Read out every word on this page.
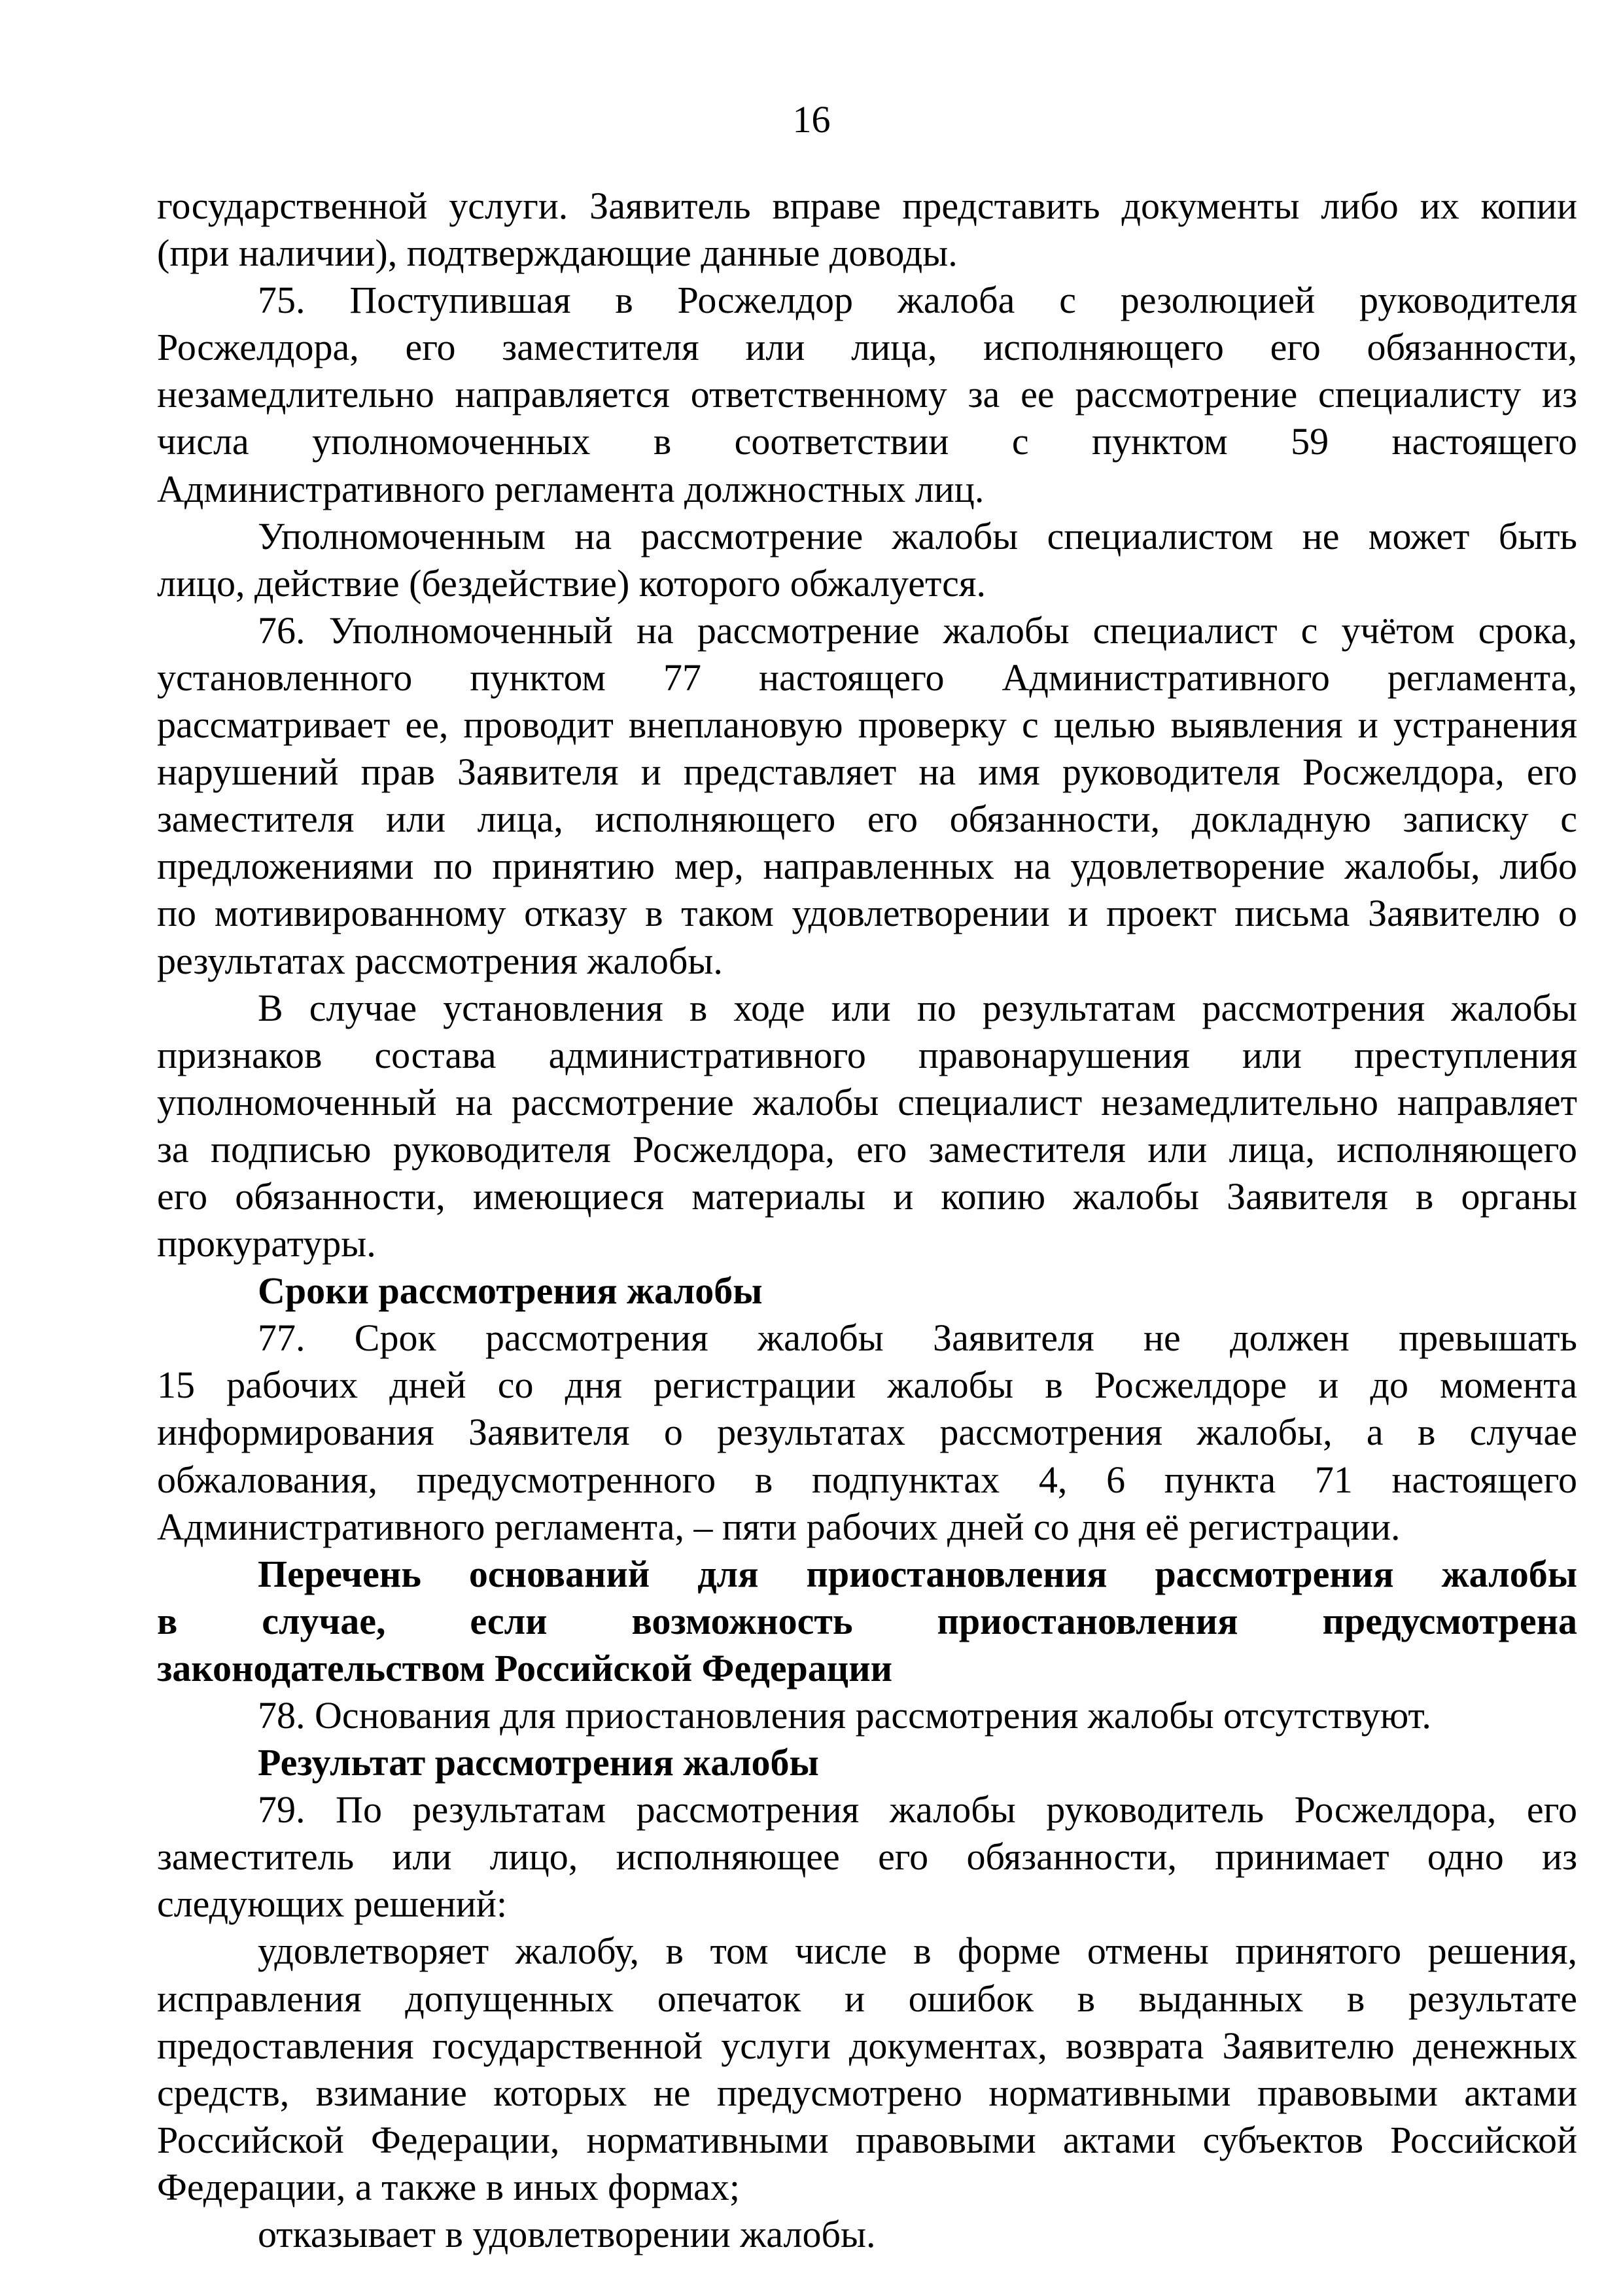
16
государственной услуги. Заявитель вправе представить документы либо их копии
(при наличии), подтверждающие данные доводы.
75. Поступившая в Росжелдор жалоба с резолюцией руководителя
Росжелдора, его заместителя или лица, исполняющего его обязанности,
незамедлительно направляется ответственному за ее рассмотрение специалисту из
числа уполномоченных в соответствии с пунктом 59 настоящего
Административного регламента должностных лиц.
Уполномоченным на рассмотрение жалобы специалистом не может быть
лицо, действие (бездействие) которого обжалуется.
76. Уполномоченный на рассмотрение жалобы специалист с учётом срока,
установленного пунктом 77 настоящего Административного регламента,
рассматривает ее, проводит внеплановую проверку с целью выявления и устранения
нарушений прав Заявителя и представляет на имя руководителя Росжелдора, его
заместителя или лица, исполняющего его обязанности, докладную записку с
предложениями по принятию мер, направленных на удовлетворение жалобы, либо
по мотивированному отказу в таком удовлетворении и проект письма Заявителю о
результатах рассмотрения жалобы.
В случае установления в ходе или по результатам рассмотрения жалобы
признаков состава административного правонарушения или преступления
уполномоченный на рассмотрение жалобы специалист незамедлительно направляет
за подписью руководителя Росжелдора, его заместителя или лица, исполняющего
его обязанности, имеющиеся материалы и копию жалобы Заявителя в органы
прокуратуры.
Сроки рассмотрения жалобы
77. Срок рассмотрения жалобы Заявителя не должен превышать
15 рабочих дней со дня регистрации жалобы в Росжелдоре и до момента
информирования Заявителя о результатах рассмотрения жалобы, а в случае
обжалования, предусмотренного в подпунктах 4, 6 пункта 71 настоящего
Административного регламента, – пяти рабочих дней со дня её регистрации.
Перечень оснований для приостановления рассмотрения жалобы
в случае, если возможность приостановления предусмотрена
законодательством Российской Федерации
78. Основания для приостановления рассмотрения жалобы отсутствуют.
Результат рассмотрения жалобы
79. По результатам рассмотрения жалобы руководитель Росжелдора, его
заместитель или лицо, исполняющее его обязанности, принимает одно из
следующих решений:
удовлетворяет жалобу, в том числе в форме отмены принятого решения,
исправления допущенных опечаток и ошибок в выданных в результате
предоставления государственной услуги документах, возврата Заявителю денежных
средств, взимание которых не предусмотрено нормативными правовыми актами
Российской Федерации, нормативными правовыми актами субъектов Российской
Федерации, а также в иных формах;
отказывает в удовлетворении жалобы.
